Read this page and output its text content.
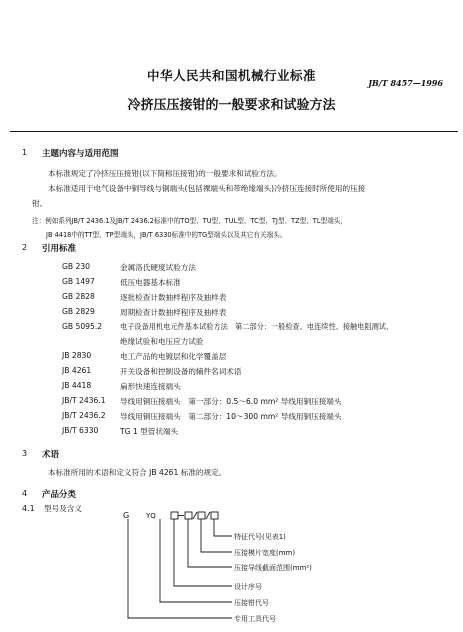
中华人民共和国机械行业标准	JB/T 8457—1996
冷挤压压接钳的一般要求和试验方法
1 主题内容与适用范围
本标准规定了冷挤压压接钳(以下简称压接钳)的一般要求和试验方法。
本标准适用于电气设备中铜导线与铜端头(包括裸端头和带绝缘端头)冷挤压连接时所使用的压接
钳。
注：例如系列JB/T 2436.1及JB/T 2436.2标准中的TO型、TU型、TUL型、TC型、TJ型、TZ型、TL型端头，
JB 4418中的TT型、TP型端头，JB/T 6330标准中的TG型端头以及其它有关端头。
2 引用标准
GB 230	金属洛氏硬度试验方法
GB 1497	低压电器基本标准
GB 2828	逐批检查计数抽样程序及抽样表
GB 2829	周期检查计数抽样程序及抽样表
GB 5095.2 电子设备用机电元件基本试验方法　第二部分：一般检查、电连续性、接触电阻测试、
绝缘试验和电压应力试验
JB 2830	电工产品的电镀层和化学覆盖层
JB 4261	开关设备和控制设备的辅件名词术语
JB 4418	扁形快速连接端头
JB/T 2436.1 导线用铜压接端头　第一部分：0.5～6.0 mm² 导线用铜压接端头
JB/T 2436.2 导线用铜压接端头　第二部分：10～300 mm² 导线用铜压接端头
JB/T 6330	TG 1 型管状端头
3 术语
本标准所用的术语和定义符合 JB 4261 标准的规定。
4 产品分类
4.1 型号及含义
G YQ
特征代号(见表1)
压接模片宽度(mm)
压接导线截面范围(mm²)
设计序号
压接钳代号
专用工具代号
